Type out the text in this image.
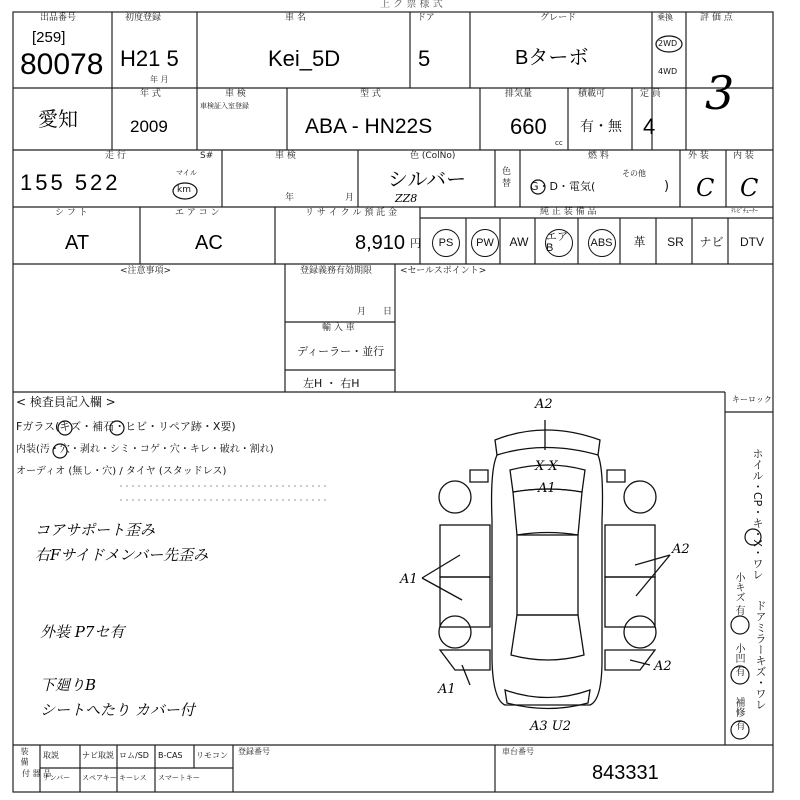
上 ク 票 様 式
出品番号
[259]
80078
初度登録
H21 5
年 月
車 名
Kei_5D
ドア
5
グレード
Bターボ
乗換
2WD
4WD
評 価 点
3
愛知
年 式
2009
車 検
車検証入室登録
型 式
ABA - HN22S
排気量
660
cc
積載可
有・無
定 員
4
走 行
155 522	マイル
km
S#	車 検
年	月
色 (ColNo)
シルバー
ZZ8
色 替
燃 料
G・D・電気(
その他
)
外 装
C
内 装
C
シ フ ト
AT
エ ア コ ン
AC
リ サ イ ク ル 預 託 金
8,910 円
純 正 装 備 品	ﾃﾚﾋﾞﾁｭｰﾅｰ
PS	PW	AW	エアB	ABS	革	SR	ナビ	DTV
<注意事項>	登録義務有効期限
月 日
輸 入 車
ディーラー・並行
左H ・ 右H
<セールスポイント>
< 検査員記入欄 >
Fガラス(キズ・補石・ヒビ・リペア跡・X要)
内装(汚・穴・剥れ・シミ・コゲ・穴・キレ・破れ・割れ)
オーディオ (無し・穴) / タイヤ (スタッドレス)
コアサポート歪み
右Fサイドメンバー先歪み
外装 P7セ有
下廻りB
シートへたり カバー付
A2
X X
A1
A1
A2
A2
A1
A3 U2
キーロック
ホイル・CP・キ・X・ワレ
小キズ 有
ドアミラーキズ・ワレ
小凹 有
補修 有
装 備
付 器 品
取説	ナビ取説 ロム/SD B-CAS リモコン
ナンバー スペアキー キーレス スマートキー
登録番号	車台番号
843331
